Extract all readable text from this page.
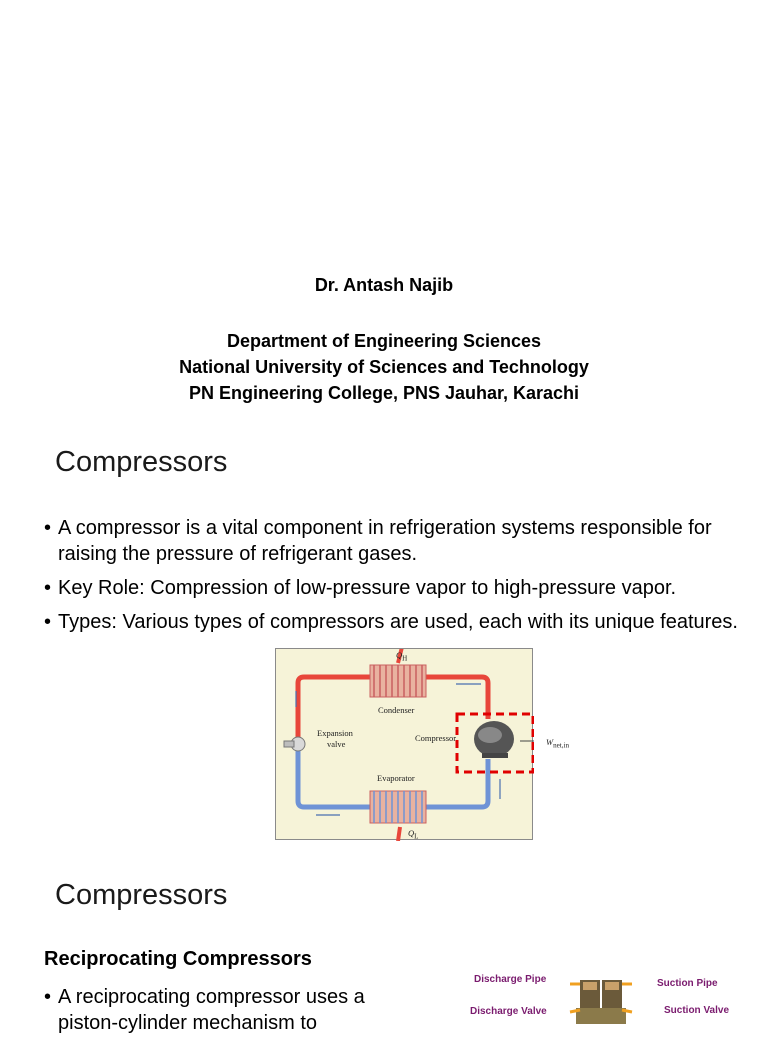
Dr. Antash Najib
Department of Engineering Sciences
National University of Sciences and Technology
PN Engineering College, PNS Jauhar, Karachi
Compressors
• A compressor is a vital component in refrigeration systems responsible for
raising the pressure of refrigerant gases.
• Key Role: Compression of low-pressure vapor to high-pressure vapor.
• Types: Various types of compressors are used, each with its unique features.
$Q_H$
Condenser
Expansion
valve
Compressor	$W_{net,in}$
Evaporator
$Q_L$
Compressors
Reciprocating Compressors
• A reciprocating compressor uses a
piston-cylinder mechanism to
Discharge Pipe	Suction Pipe
Discharge Valve	Suction Valve
